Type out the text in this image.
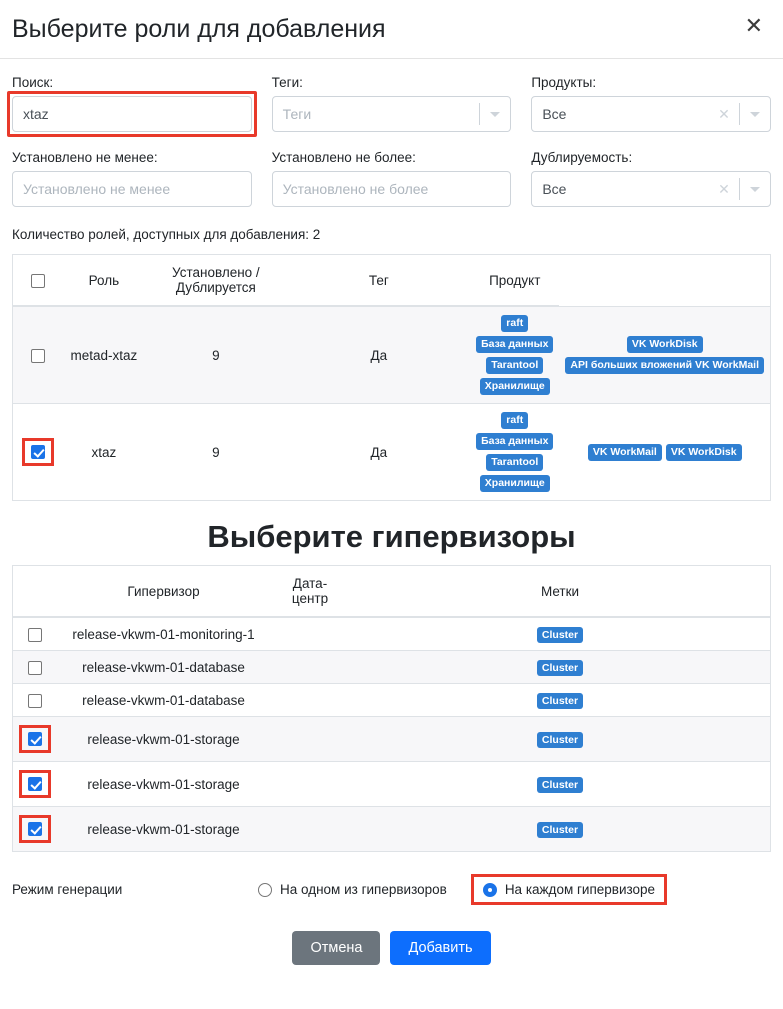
Выберите роли для добавления	✕
Поиск:
xtaz	Теги:
Теги
Продукты:
Все	✕
Установлено не менее:
Установлено не менее	Установлено не более:
Установлено не более	Дублируемость:
Все	✕
Количество ролей, доступных для добавления: 2
	Роль	Установлено /
Дублируется	Тег	Продукт	
	metad-xtaz	9	Да	raft
База данных
Tarantool
Хранилище	VK WorkDisk
API больших вложений VK WorkMail

	xtaz	9	Да	raft
База данных
Tarantool
Хранилище	VK WorkMail VK WorkDisk
Выберите гипервизоры
	Гипервизор	Дата-
центр	Метки
	release-vkwm-01-monitoring-1		Cluster
	release-vkwm-01-database		Cluster
	release-vkwm-01-database		Cluster
	release-vkwm-01-storage		Cluster
	release-vkwm-01-storage		Cluster
	release-vkwm-01-storage		Cluster
Режим генерации	На одном из гипервизоров	На каждом гипервизоре
Отмена	Добавить
